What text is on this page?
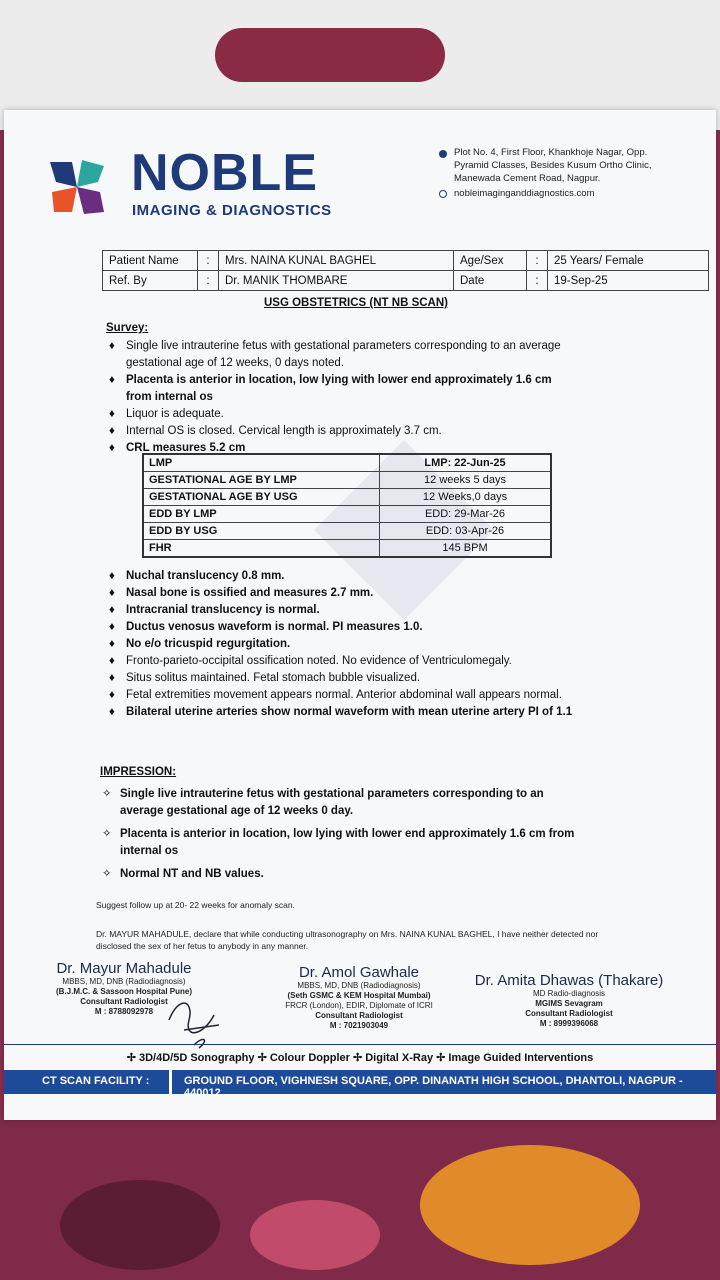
NOBLE
IMAGING & DIAGNOSTICS
Plot No. 4, First Floor, Khankhoje Nagar, Opp. Pyramid Classes, Besides Kusum Ortho Clinic, Manewada Cement Road, Nagpur.
nobleimaginganddiagnostics.com
Patient Name	:	Mrs. NAINA KUNAL BAGHEL	Age/Sex	:	25 Years/ Female
Ref. By	:	Dr. MANIK THOMBARE	Date	:	19-Sep-25
USG OBSTETRICS (NT NB SCAN)
Survey:
♦ Single live intrauterine fetus with gestational parameters corresponding to an average gestational age of 12 weeks, 0 days noted.
♦ Placenta is anterior in location, low lying with lower end approximately 1.6 cm from internal os
♦ Liquor is adequate.
♦ Internal OS is closed. Cervical length is approximately 3.7 cm.
♦ CRL measures 5.2 cm
LMP	LMP: 22-Jun-25
GESTATIONAL AGE BY LMP	12 weeks 5 days
GESTATIONAL AGE BY USG	12 Weeks,0 days
EDD BY LMP	EDD: 29-Mar-26
EDD BY USG	EDD: 03-Apr-26
FHR	145 BPM
♦ Nuchal translucency 0.8 mm.
♦ Nasal bone is ossified and measures 2.7 mm.
♦ Intracranial translucency is normal.
♦ Ductus venosus waveform is normal. PI measures 1.0.
♦ No e/o tricuspid regurgitation.
♦ Fronto-parieto-occipital ossification noted. No evidence of Ventriculomegaly.
♦ Situs solitus maintained. Fetal stomach bubble visualized.
♦ Fetal extremities movement appears normal. Anterior abdominal wall appears normal.
♦ Bilateral uterine arteries show normal waveform with mean uterine artery PI of 1.1
IMPRESSION:
✧ Single live intrauterine fetus with gestational parameters corresponding to an average gestational age of 12 weeks 0 day.
✧ Placenta is anterior in location, low lying with lower end approximately 1.6 cm from internal os
✧ Normal NT and NB values.
Suggest follow up at 20- 22 weeks for anomaly scan.
Dr. MAYUR MAHADULE, declare that while conducting ultrasonography on Mrs. NAINA KUNAL BAGHEL, I have neither detected nor disclosed the sex of her fetus to anybody in any manner.
Dr. Mayur Mahadule
MBBS, MD, DNB (Radiodiagnosis)
(B.J.M.C. & Sassoon Hospital Pune)
Consultant Radiologist
M : 8788092978
Dr. Amol Gawhale
MBBS, MD, DNB (Radiodiagnosis)
(Seth GSMC & KEM Hospital Mumbai)
FRCR (London), EDIR, Diplomate of ICRI
Consultant Radiologist
M : 7021903049
Dr. Amita Dhawas (Thakare)
MD Radio-diagnosis
MGIMS Sevagram
Consultant Radiologist
M : 8999396068
✢ 3D/4D/5D Sonography ✢ Colour Doppler ✢ Digital X-Ray ✢ Image Guided Interventions
CT SCAN FACILITY :	GROUND FLOOR, VIGHNESH SQUARE, OPP. DINANATH HIGH SCHOOL, DHANTOLI, NAGPUR - 440012
